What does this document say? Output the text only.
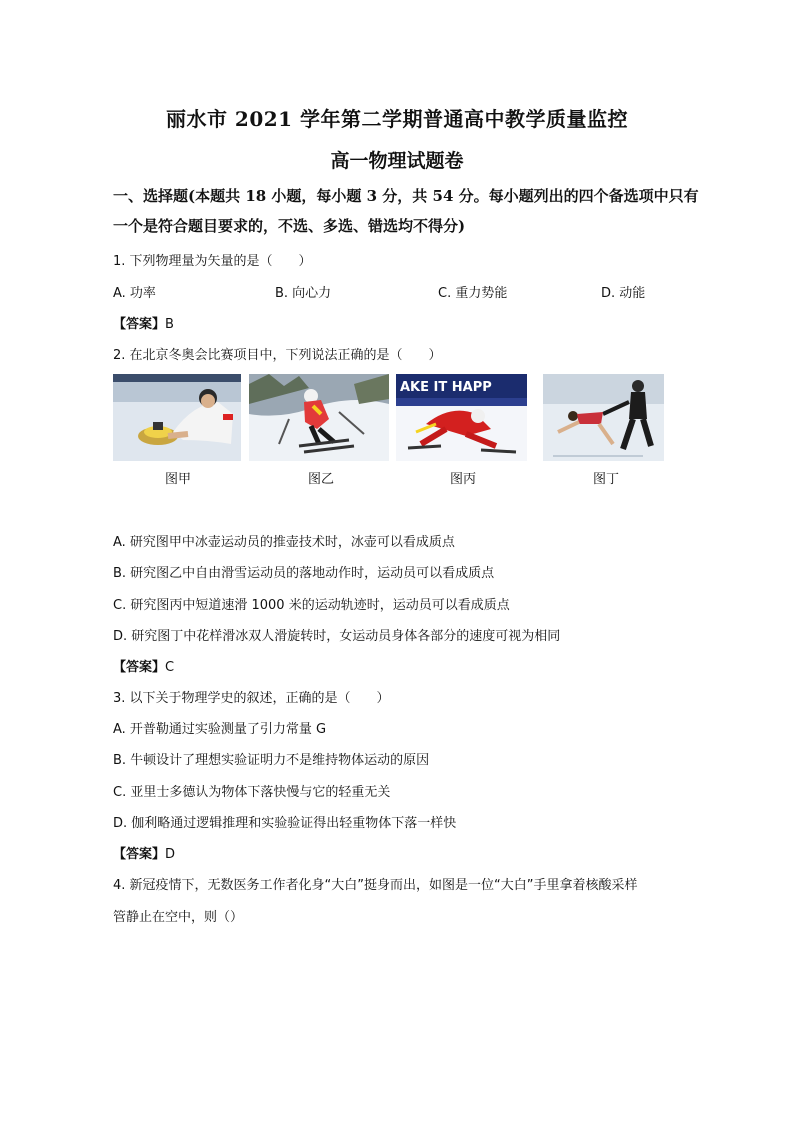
丽水市 2021 学年第二学期普通高中教学质量监控
高一物理试题卷
一、选择题(本题共 18 小题，每小题 3 分，共 54 分。每小题列出的四个备选项中只有一个是符合题目要求的，不选、多选、错选均不得分)
1. 下列物理量为矢量的是（　　）
A. 功率	B. 向心力	C. 重力势能	D. 动能
【答案】B
2. 在北京冬奥会比赛项目中，下列说法正确的是（　　）
AKE IT HAPP
图甲	图乙	图丙	图丁
A. 研究图甲中冰壶运动员的推壶技术时，冰壶可以看成质点
B. 研究图乙中自由滑雪运动员的落地动作时，运动员可以看成质点
C. 研究图丙中短道速滑 1000 米的运动轨迹时，运动员可以看成质点
D. 研究图丁中花样滑冰双人滑旋转时，女运动员身体各部分的速度可视为相同
【答案】C
3. 以下关于物理学史的叙述，正确的是（　　）
A. 开普勒通过实验测量了引力常量 G
B. 牛顿设计了理想实验证明力不是维持物体运动的原因
C. 亚里士多德认为物体下落快慢与它的轻重无关
D. 伽利略通过逻辑推理和实验验证得出轻重物体下落一样快
【答案】D
4. 新冠疫情下，无数医务工作者化身“大白”挺身而出，如图是一位“大白”手里拿着核酸采样
管静止在空中，则（）
